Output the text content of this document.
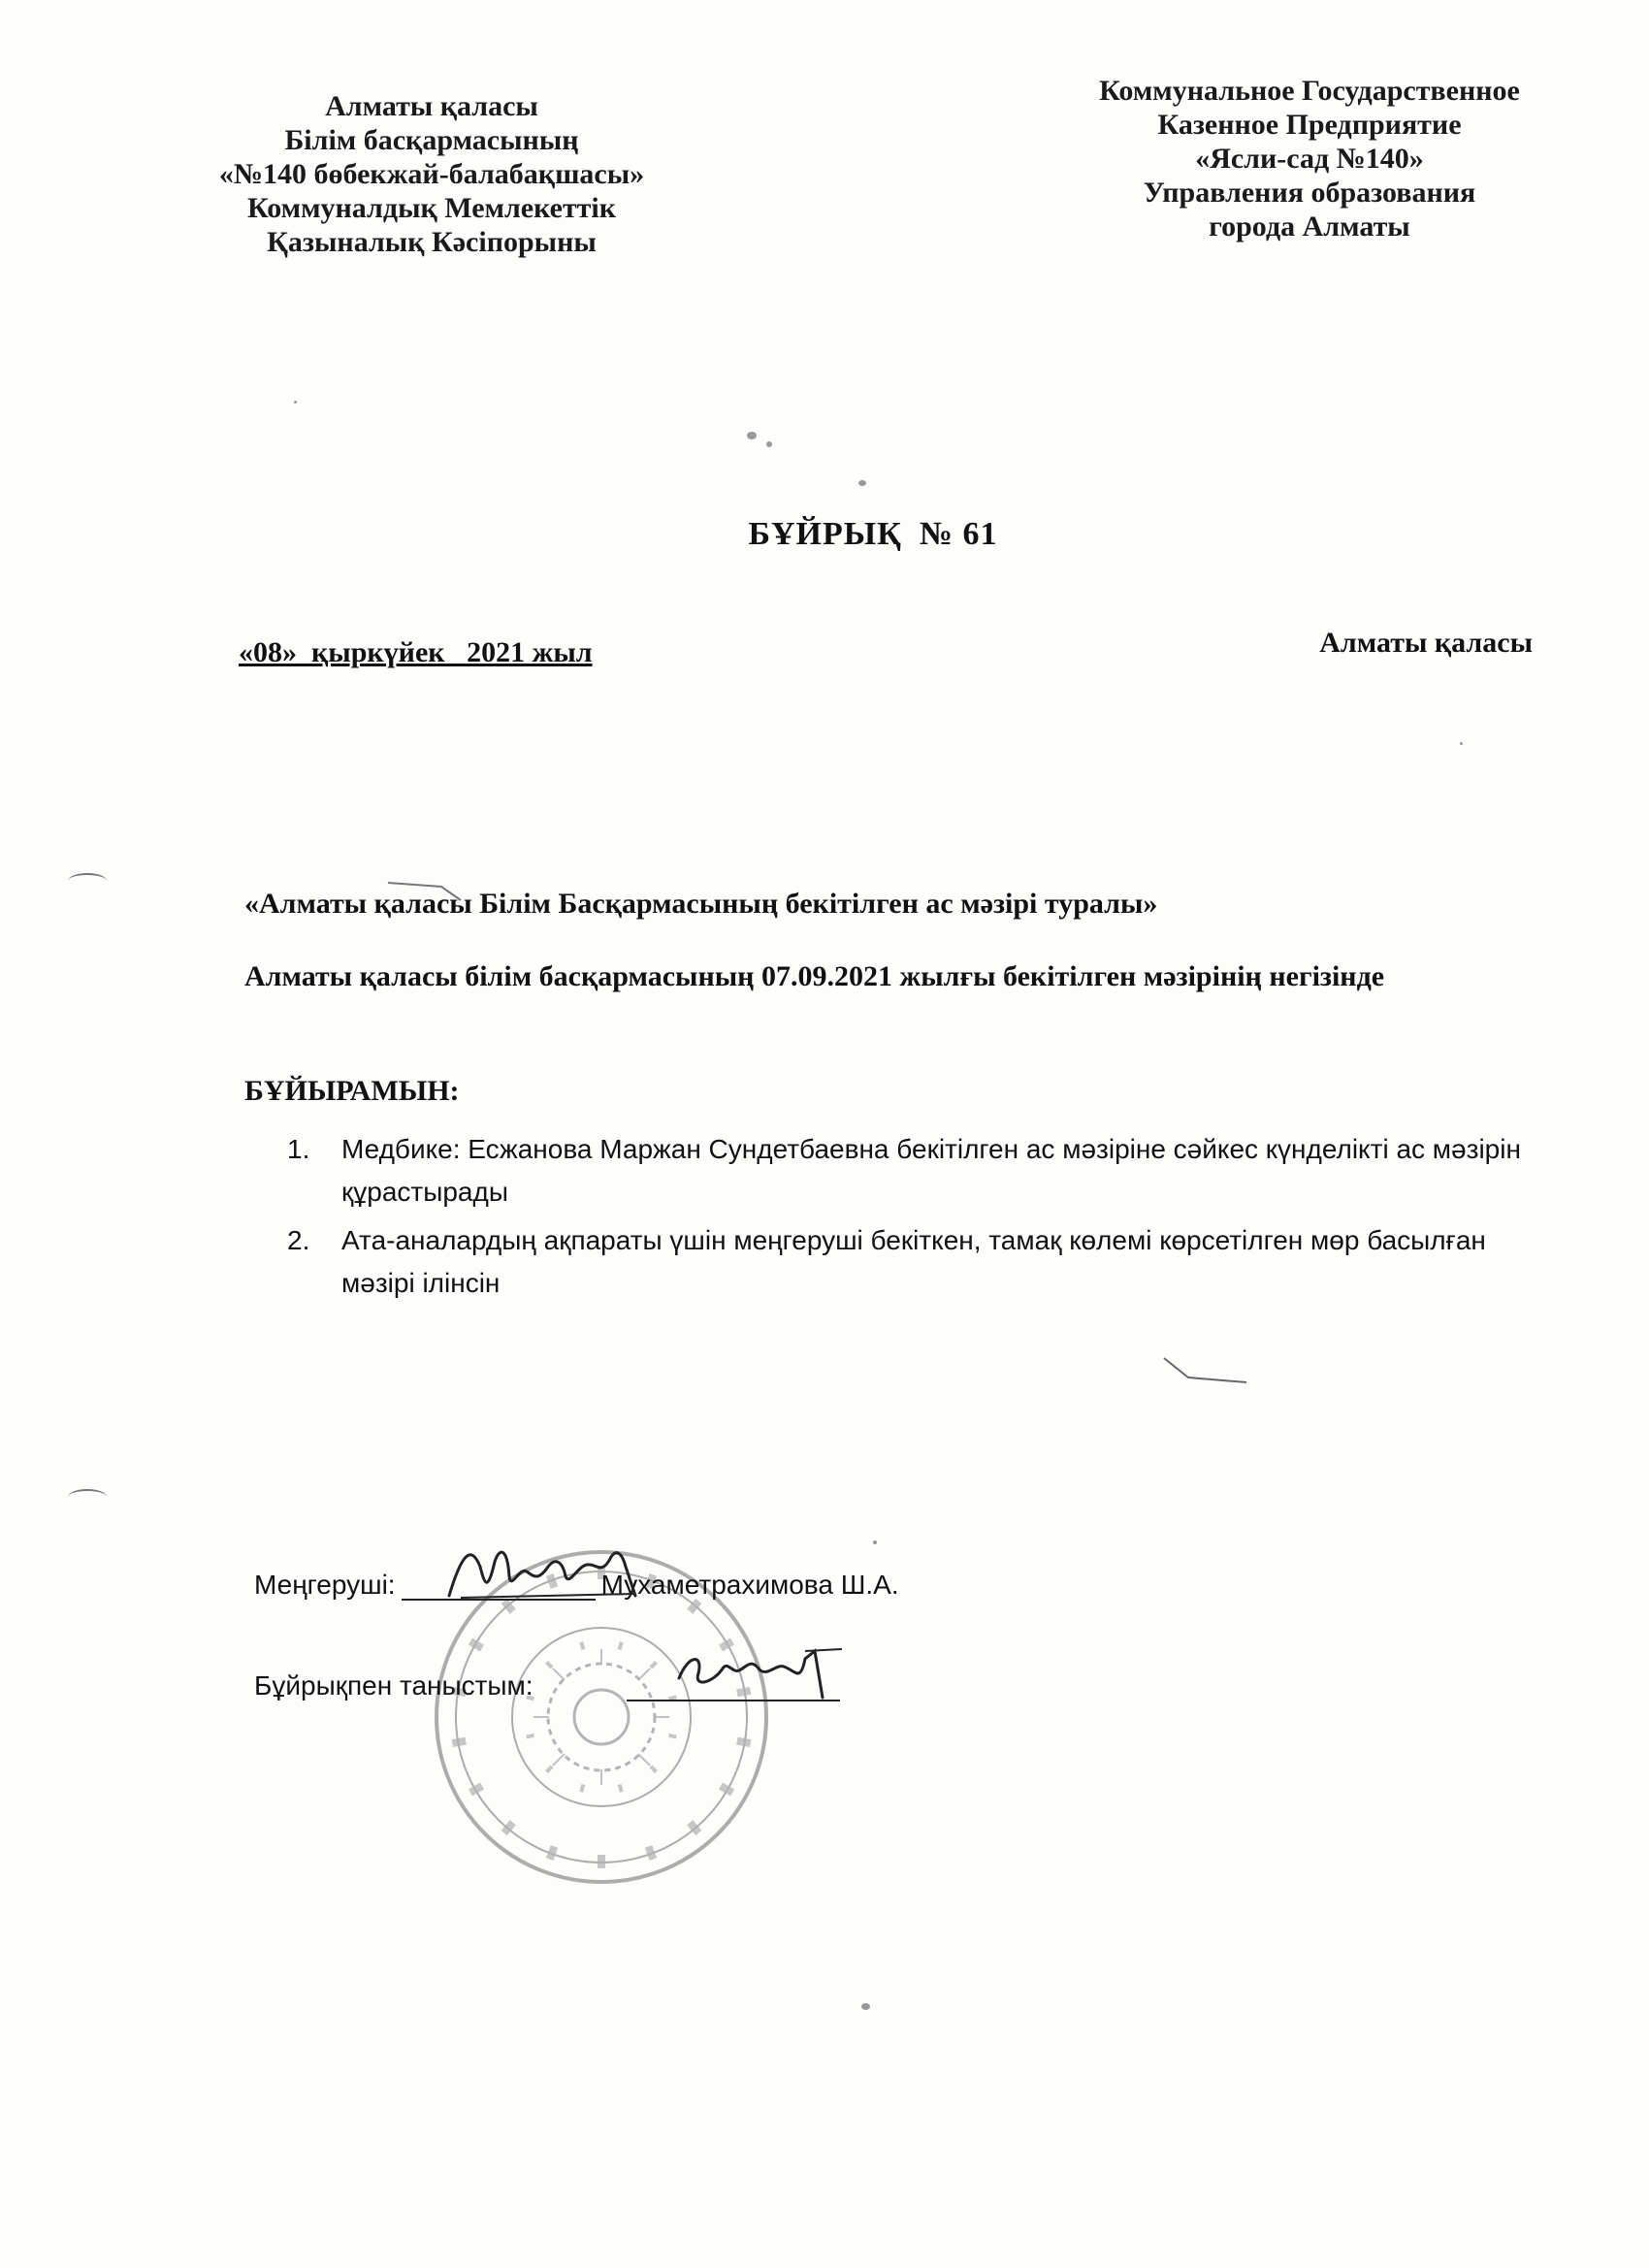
Алматы қаласы
Білім басқармасының
«№140 бөбекжай-балабақшасы»
Коммуналдық Мемлекеттік
Қазыналық Кәсіпорыны
Коммунальное Государственное
Казенное Предприятие
«Ясли-сад №140»
Управления образования
города Алматы
БҰЙРЫҚ № 61
«08»  қыркүйек   2021 жыл	Алматы қаласы
«Алматы қаласы Білім Басқармасының бекітілген ас мәзірі туралы»
Алматы қаласы білім басқармасының 07.09.2021 жылғы бекітілген мәзірінің негізінде
БҰЙЫРАМЫН:
1. Медбике: Есжанова Маржан Сундетбаевна бекітілген ас мәзіріне сәйкес күнделікті ас мәзірін құрастырады
2. Ата-аналардың ақпараты үшін меңгеруші бекіткен, тамақ көлемі көрсетілген мөр басылған мәзірі ілінсін
Меңгеруші:	Мухаметрахимова Ш.А.
Бұйрықпен таныстым:
